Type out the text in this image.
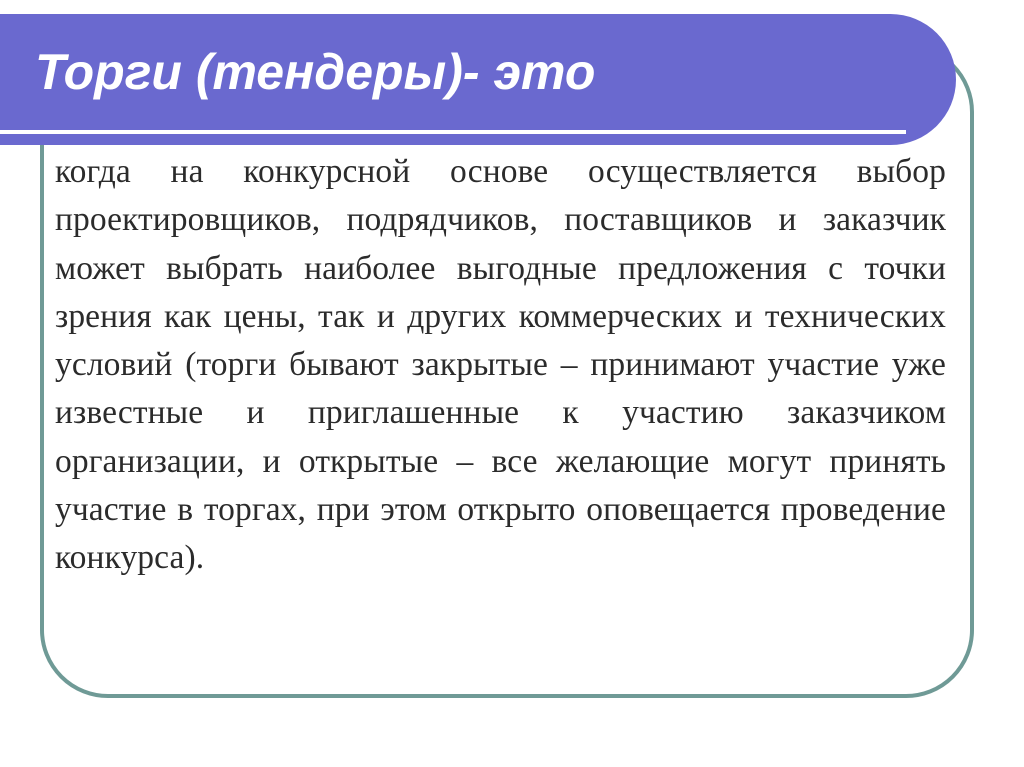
Торги (тендеры)- это

когда на конкурсной основе осуществляется выбор проектировщиков, подрядчиков, поставщиков и заказчик может выбрать наиболее выгодные предложения с точки зрения как цены, так и других коммерческих и технических условий (торги бывают закрытые – принимают участие уже известные и приглашенные к участию заказчиком организации, и открытые – все желающие могут принять участие в торгах, при этом открыто оповещается проведение конкурса).
